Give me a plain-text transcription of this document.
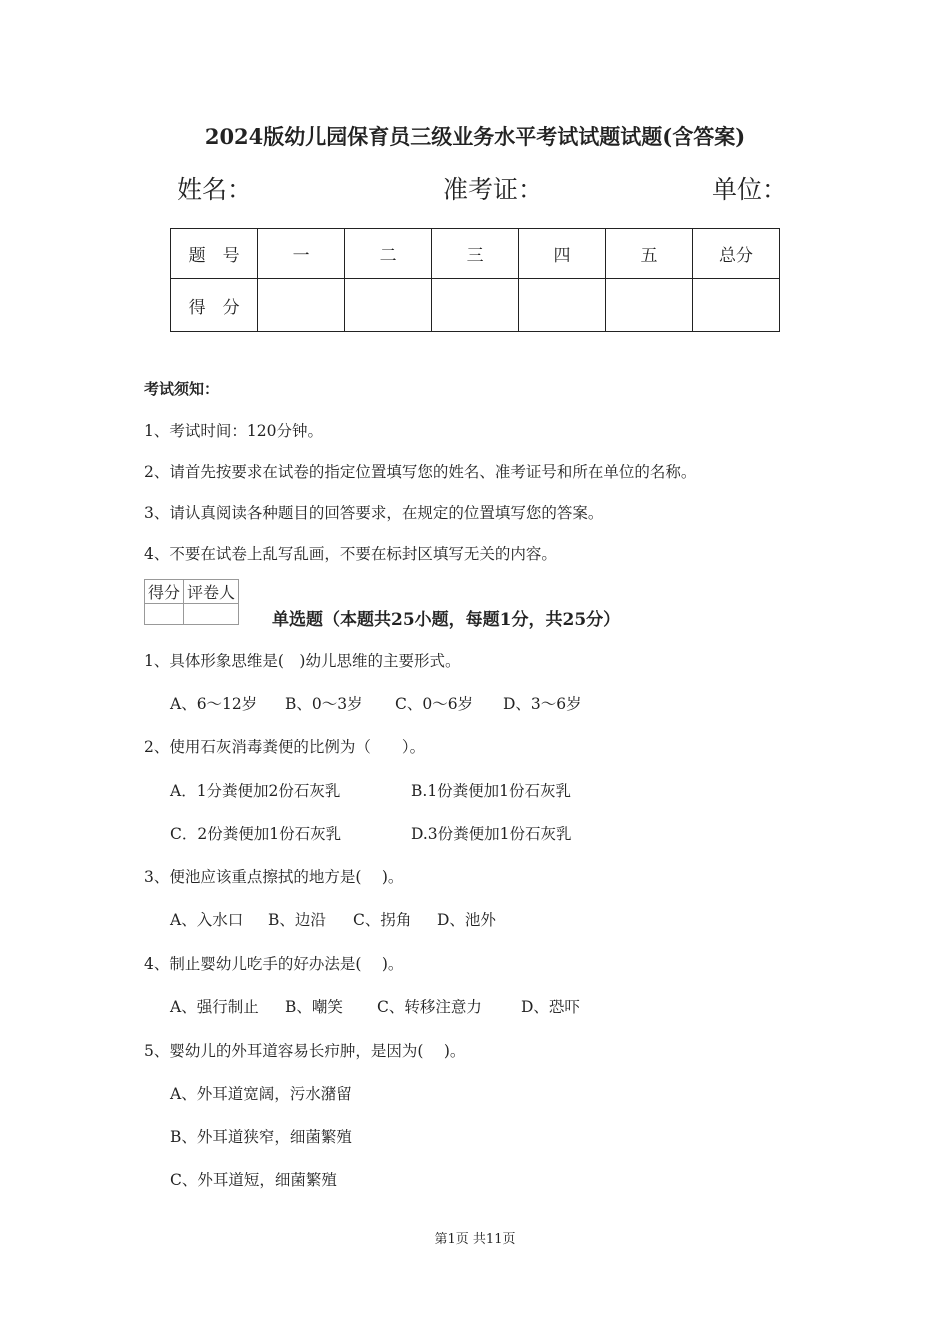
2024版幼儿园保育员三级业务水平考试试题试题(含答案)
姓名：	准考证：	单位：
题　号	一	二	三	四	五	总分
得　分						
考试须知：
1、考试时间：120分钟。
2、请首先按要求在试卷的指定位置填写您的姓名、准考证号和所在单位的名称。
3、请认真阅读各种题目的回答要求，在规定的位置填写您的答案。
4、不要在试卷上乱写乱画，不要在标封区填写无关的内容。
得分	评卷人

单选题（本题共25小题，每题1分，共25分）
1、具体形象思维是(　)幼儿思维的主要形式。
A、6～12岁 B、0～3岁 C、0～6岁 D、3～6岁
2、使用石灰消毒粪便的比例为（　　）。
A．1分粪便加2份石灰乳	B.1份粪便加1份石灰乳
C．2份粪便加1份石灰乳	D.3份粪便加1份石灰乳
3、便池应该重点擦拭的地方是(　 )。
A、入水口 B、边沿 C、拐角 D、池外
4、制止婴幼儿吃手的好办法是(　 )。
A、强行制止 B、嘲笑 C、转移注意力	D、恐吓
5、婴幼儿的外耳道容易长疖肿，是因为(　 )。
A、外耳道宽阔，污水潴留
B、外耳道狭窄，细菌繁殖
C、外耳道短，细菌繁殖
第1页 共11页
